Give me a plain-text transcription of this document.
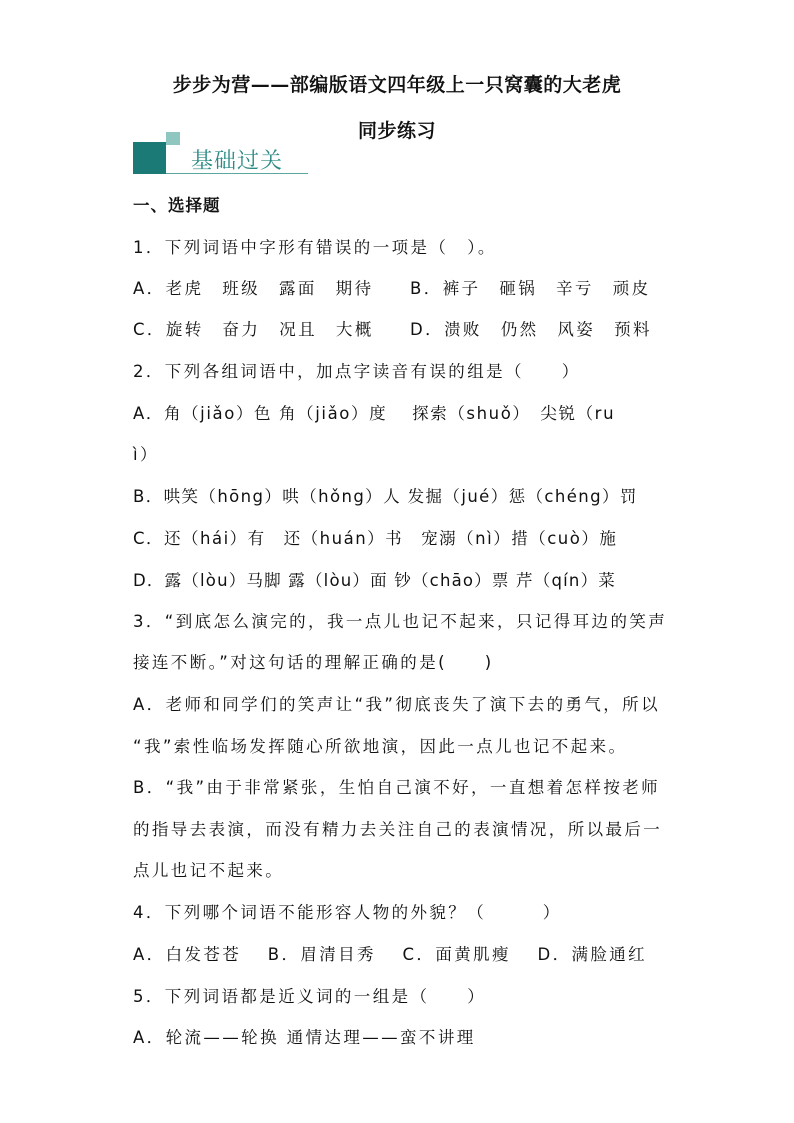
步步为营——部编版语文四年级上一只窝囊的大老虎
同步练习
基础过关
一、选择题
1．下列词语中字形有错误的一项是（　）。
A．老虎　班级　露面　期待 B．裤子　砸锅　辛亏　顽皮
C．旋转　奋力　况且　大概 D．溃败　仍然　风姿　预料
2．下列各组词语中，加点字读音有误的组是（　　）
A．角（jiǎo）色 角（jiǎo）度　 探索（shuǒ）　尖锐（ru
ì）
B．哄笑（hōng）哄（hǒng）人 发掘（jué）惩（chéng）罚
C．还（hái）有　还（huán）书　宠溺（nì）措（cuò）施
D．露（lòu）马脚 露（lòu）面 钞（chāo）票 芹（qín）菜
3．“到底怎么演完的，我一点儿也记不起来，只记得耳边的笑声
接连不断。”对这句话的理解正确的是(　　)
A．老师和同学们的笑声让“我”彻底丧失了演下去的勇气，所以
“我”索性临场发挥随心所欲地演，因此一点儿也记不起来。
B．“我”由于非常紧张，生怕自己演不好，一直想着怎样按老师
的指导去表演，而没有精力去关注自己的表演情况，所以最后一
点儿也记不起来。
4．下列哪个词语不能形容人物的外貌？（　　　）
A．白发苍苍　 B．眉清目秀　 C．面黄肌瘦　 D．满脸通红
5．下列词语都是近义词的一组是（　　）
A．轮流——轮换 通情达理——蛮不讲理
